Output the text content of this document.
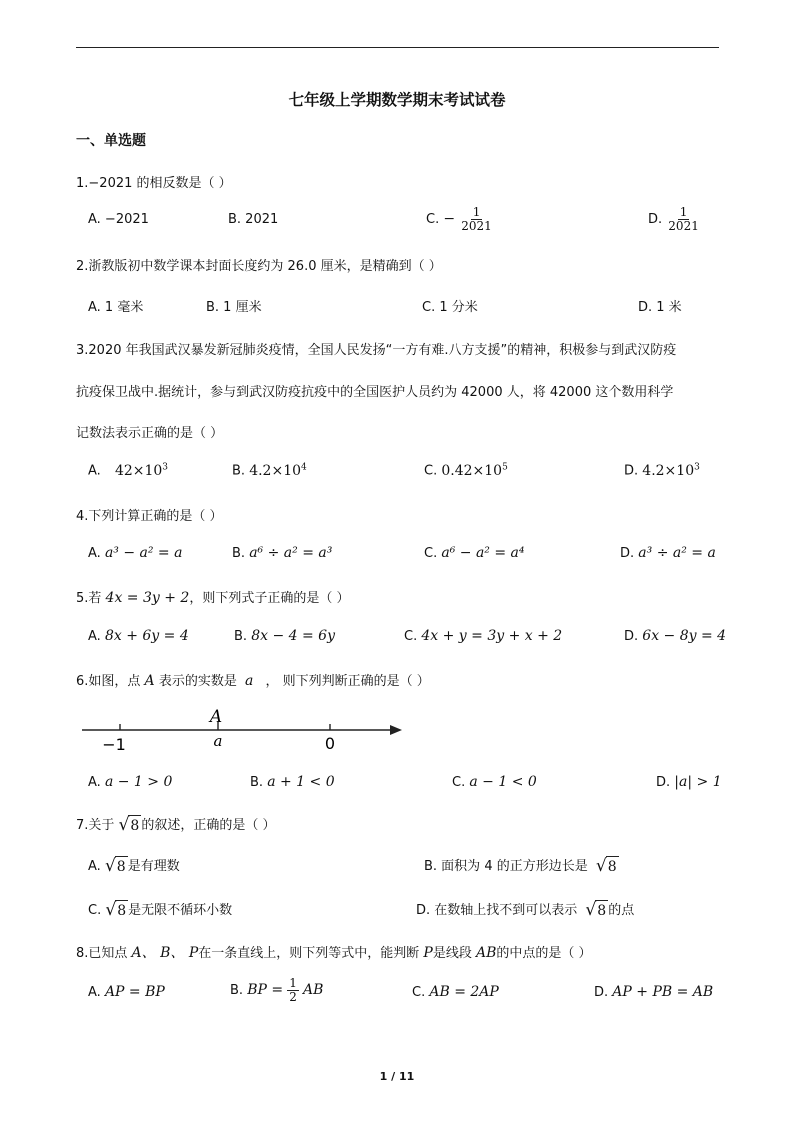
七年级上学期数学期末考试试卷
一、单选题
1.−2021 的相反数是（ ）
A. −2021	B. 2021	C. − $\frac{1}{2021}$	D. $\frac{1}{2021}$
2.浙教版初中数学课本封面长度约为 26.0 厘米，是精确到（ ）
A. 1 毫米	B. 1 厘米	C. 1 分米	D. 1 米
3.2020 年我国武汉暴发新冠肺炎疫情，全国人民发扬“一方有难.八方支援”的精神，积极参与到武汉防疫
抗疫保卫战中.据统计，参与到武汉防疫抗疫中的全国医护人员约为 42000 人，将 42000 这个数用科学
记数法表示正确的是（ ）
A. $42\times 10^3$	B. $4.2\times 10^4$	C. $0.42\times 10^5$	D. $4.2\times 10^3$
4.下列计算正确的是（ ）
A. a³ − a² = a	B. a⁶ ÷ a² = a³	C. a⁶ − a² = a⁴	D. a³ ÷ a² = a
5.若 4x = 3y + 2，则下列式子正确的是（ ）
A. 8x + 6y = 4	B. 8x − 4 = 6y	C. 4x + y = 3y + x + 2	D. 6x − 8y = 4
6.如图，点 A 表示的实数是 a ， 则下列判断正确的是（ ）
A
a
−1	0
A. a − 1 > 0	B. a + 1 < 0	C. a − 1 < 0	D. |a| > 1
7.关于 √ 8 的叙述，正确的是（ ）
A. √ 8 是有理数	B. 面积为 4 的正方形边长是 √ 8
C. √ 8 是无限不循环小数	D. 在数轴上找不到可以表示 √ 8 的点
8.已知点 A、 B、 P在一条直线上，则下列等式中，能判断 P是线段 AB的中点的是（ ）
A. AP = BP	B. BP = $\frac{1}{2}$ AB	C. AB = 2AP	D. AP + PB = AB
1 / 11
